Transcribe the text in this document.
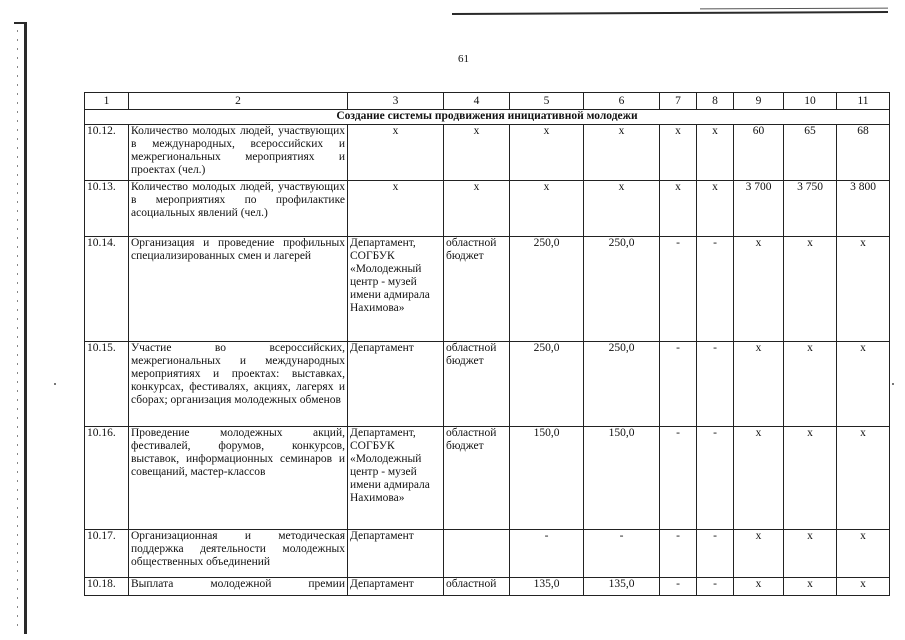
61
1	2	3	4	5	6	7	8	9	10	11
Создание системы продвижения инициативной молодежи										
10.12.	Количество молодых людей, участвующих в международных, всероссийских и межрегиональных мероприятиях и проектах (чел.)	х	х	х	х	х	х	60	65	68
10.13.	Количество молодых людей, участвующих в мероприятиях по профилактике асоциальных явлений (чел.)	х	х	х	х	х	х	3 700	3 750	3 800
10.14.	Организация и проведение профильных специализированных смен и лагерей	Департамент, СОГБУК «Молодежный центр - музей имени адмирала Нахимова»	областной бюджет	250,0	250,0	-	-	х	х	х
10.15.	Участие во всероссийских, межрегиональных и международных мероприятиях и проектах: выставках, конкурсах, фестивалях, акциях, лагерях и сборах; организация молодежных обменов	Департамент	областной бюджет	250,0	250,0	-	-	х	х	х
10.16.	Проведение молодежных акций, фестивалей, форумов, конкурсов, выставок, информационных семинаров и совещаний, мастер-классов	Департамент, СОГБУК «Молодежный центр - музей имени адмирала Нахимова»	областной бюджет	150,0	150,0	-	-	х	х	х
10.17.	Организационная и методическая поддержка деятельности молодежных общественных объединений	Департамент		-	-	-	-	х	х	х
10.18.	Выплата молодежной премии	Департамент	областной	135,0	135,0	-	-	х	х	х
